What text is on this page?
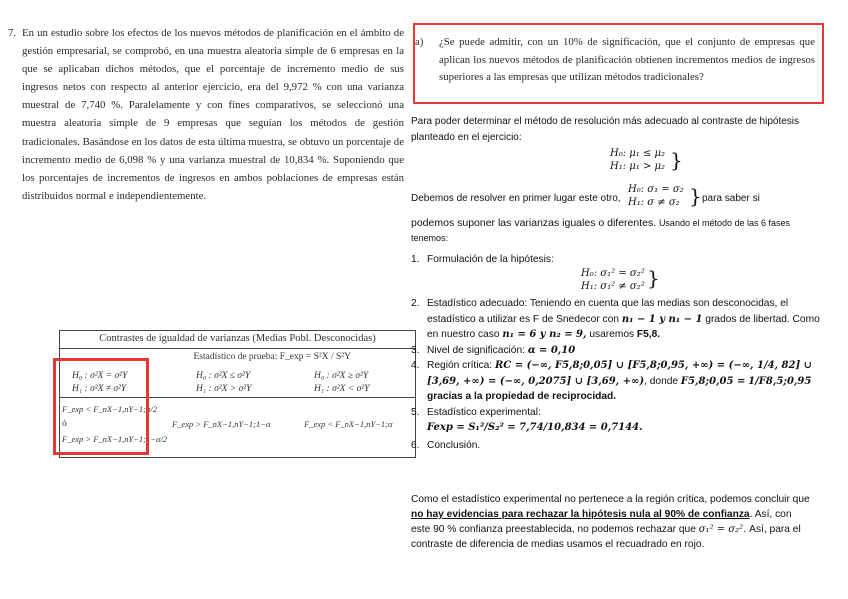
7. En un estudio sobre los efectos de los nuevos métodos de planificación en el ámbito de gestión empresarial, se comprobó, en una muestra aleatoria simple de 6 empresas en la que se aplicaban dichos métodos, que el porcentaje de incremento medio de sus ingresos netos con respecto al anterior ejercicio, era del 9,972 % con una varianza muestral de 7,740 %. Paralelamente y con fines comparativos, se seleccionó una muestra aleatoria simple de 9 empresas que seguían los métodos de gestión tradicionales. Basándose en los datos de esta última muestra, se obtuvo un porcentaje de incremento medio de 6,098 % y una varianza muestral de 10,834 %. Suponiendo que los porcentajes de incrementos de ingresos en ambos poblaciones de empresas están distribuidos normal e independientemente.
Contrastes de igualdad de varianzas (Medias Pobl. Desconocidas)
Estadístico de prueba: F_exp = S²X / S²Y
H₀ : σ²X = σ²Y
H₁ : σ²X ≠ σ²Y
H₀ : σ²X ≤ σ²Y
H₁ : σ²X > σ²Y
H₀ : σ²X ≥ σ²Y
H₁ : σ²X < σ²Y
F_exp < F_nX−1,nY−1;α/2
ó
F_exp > F_nX−1,nY−1;1−α/2
F_exp > F_nX−1,nY−1;1−α	F_exp < F_nX−1,nY−1;α
a)	¿Se puede admitir, con un 10% de significación, que el conjunto de empresas que aplican los nuevos métodos de planificación obtienen incrementos medios de ingresos superiores a las empresas que utilizan métodos tradicionales?
Para poder determinar el método de resolución más adecuado al contraste de hipótesis planteado en el ejercicio:
H₀: μ₁ ≤ μ₂
H₁: μ₁ > μ₂ }
Debemos de resolver en primer lugar este otro,
H₀: σ₁ = σ₂
H₁: σ ≠ σ₂ } para saber si
podemos suponer las varianzas iguales o diferentes. Usando el método de las 6 fases tenemos:
1. Formulación de la hipótesis:
H₀: σ₁² = σ₂²
H₁: σ₁² ≠ σ₂² }
2. Estadístico adecuado: Teniendo en cuenta que las medias son desconocidas, el estadístico a utilizar es F de Snedecor con n₁ − 1 y n₁ − 1 grados de libertad. Como en nuestro caso n₁ = 6 y n₂ = 9, usaremos F5,8.
3. Nivel de significación: α = 0,10
4. Región crítica: RC = (−∞, F5,8;0,05] ∪ [F5,8;0,95, +∞) = (−∞, 1/4, 82] ∪ [3,69, +∞) = (−∞, 0,2075] ∪ [3,69, +∞), donde F5,8;0,05 = 1/F8,5;0,95 gracias a la propiedad de reciprocidad.
5. Estadístico experimental:
Fexp = S₁²/S₂² = 7,74/10,834 = 0,7144.
6. Conclusión.
Como el estadístico experimental no pertenece a la región crítica, podemos concluir que no hay evidencias para rechazar la hipótesis nula al 90% de confianza. Así, con este 90 % confianza preestablecida, no podemos rechazar que σ₁² = σ₂². Así, para el contraste de diferencia de medias usamos el recuadrado en rojo.
